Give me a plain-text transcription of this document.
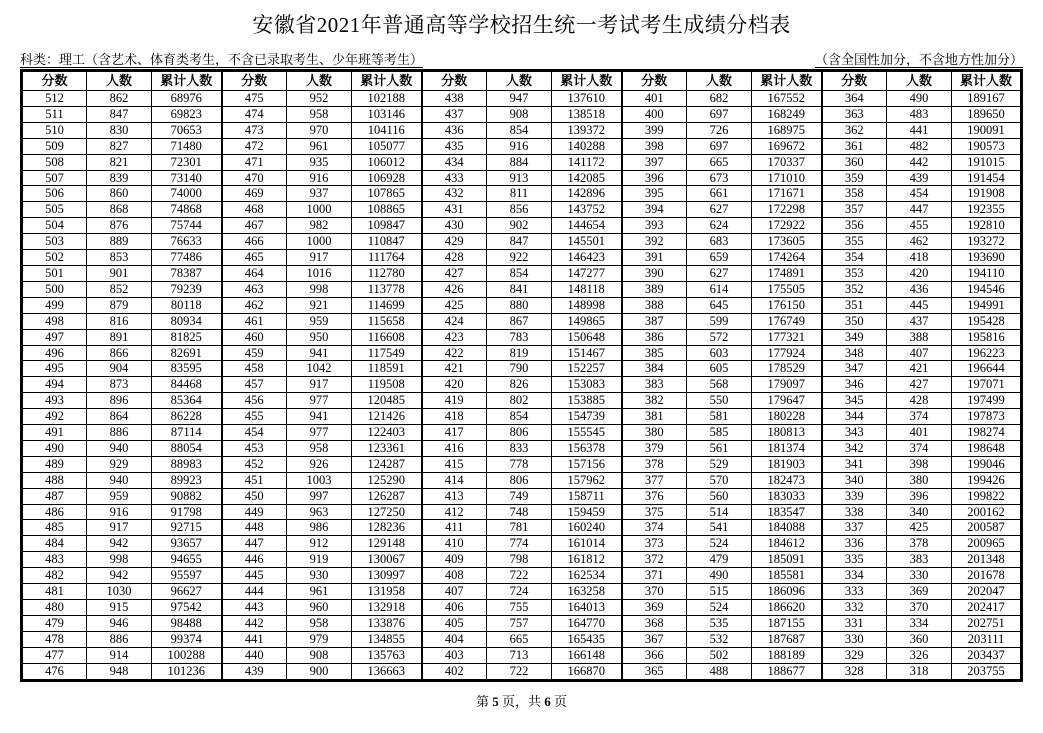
安徽省2021年普通高等学校招生统一考试考生成绩分档表
科类：理工（含艺术、体育类考生，不含已录取考生、少年班等考生）	（含全国性加分，不含地方性加分）
分数	人数	累计人数	分数	人数	累计人数	分数	人数	累计人数	分数	人数	累计人数	分数	人数	累计人数
512	862	68976	475	952	102188	438	947	137610	401	682	167552	364	490	189167
511	847	69823	474	958	103146	437	908	138518	400	697	168249	363	483	189650
510	830	70653	473	970	104116	436	854	139372	399	726	168975	362	441	190091
509	827	71480	472	961	105077	435	916	140288	398	697	169672	361	482	190573
508	821	72301	471	935	106012	434	884	141172	397	665	170337	360	442	191015
507	839	73140	470	916	106928	433	913	142085	396	673	171010	359	439	191454
506	860	74000	469	937	107865	432	811	142896	395	661	171671	358	454	191908
505	868	74868	468	1000	108865	431	856	143752	394	627	172298	357	447	192355
504	876	75744	467	982	109847	430	902	144654	393	624	172922	356	455	192810
503	889	76633	466	1000	110847	429	847	145501	392	683	173605	355	462	193272
502	853	77486	465	917	111764	428	922	146423	391	659	174264	354	418	193690
501	901	78387	464	1016	112780	427	854	147277	390	627	174891	353	420	194110
500	852	79239	463	998	113778	426	841	148118	389	614	175505	352	436	194546
499	879	80118	462	921	114699	425	880	148998	388	645	176150	351	445	194991
498	816	80934	461	959	115658	424	867	149865	387	599	176749	350	437	195428
497	891	81825	460	950	116608	423	783	150648	386	572	177321	349	388	195816
496	866	82691	459	941	117549	422	819	151467	385	603	177924	348	407	196223
495	904	83595	458	1042	118591	421	790	152257	384	605	178529	347	421	196644
494	873	84468	457	917	119508	420	826	153083	383	568	179097	346	427	197071
493	896	85364	456	977	120485	419	802	153885	382	550	179647	345	428	197499
492	864	86228	455	941	121426	418	854	154739	381	581	180228	344	374	197873
491	886	87114	454	977	122403	417	806	155545	380	585	180813	343	401	198274
490	940	88054	453	958	123361	416	833	156378	379	561	181374	342	374	198648
489	929	88983	452	926	124287	415	778	157156	378	529	181903	341	398	199046
488	940	89923	451	1003	125290	414	806	157962	377	570	182473	340	380	199426
487	959	90882	450	997	126287	413	749	158711	376	560	183033	339	396	199822
486	916	91798	449	963	127250	412	748	159459	375	514	183547	338	340	200162
485	917	92715	448	986	128236	411	781	160240	374	541	184088	337	425	200587
484	942	93657	447	912	129148	410	774	161014	373	524	184612	336	378	200965
483	998	94655	446	919	130067	409	798	161812	372	479	185091	335	383	201348
482	942	95597	445	930	130997	408	722	162534	371	490	185581	334	330	201678
481	1030	96627	444	961	131958	407	724	163258	370	515	186096	333	369	202047
480	915	97542	443	960	132918	406	755	164013	369	524	186620	332	370	202417
479	946	98488	442	958	133876	405	757	164770	368	535	187155	331	334	202751
478	886	99374	441	979	134855	404	665	165435	367	532	187687	330	360	203111
477	914	100288	440	908	135763	403	713	166148	366	502	188189	329	326	203437
476	948	101236	439	900	136663	402	722	166870	365	488	188677	328	318	203755
第 5 页，共 6 页
